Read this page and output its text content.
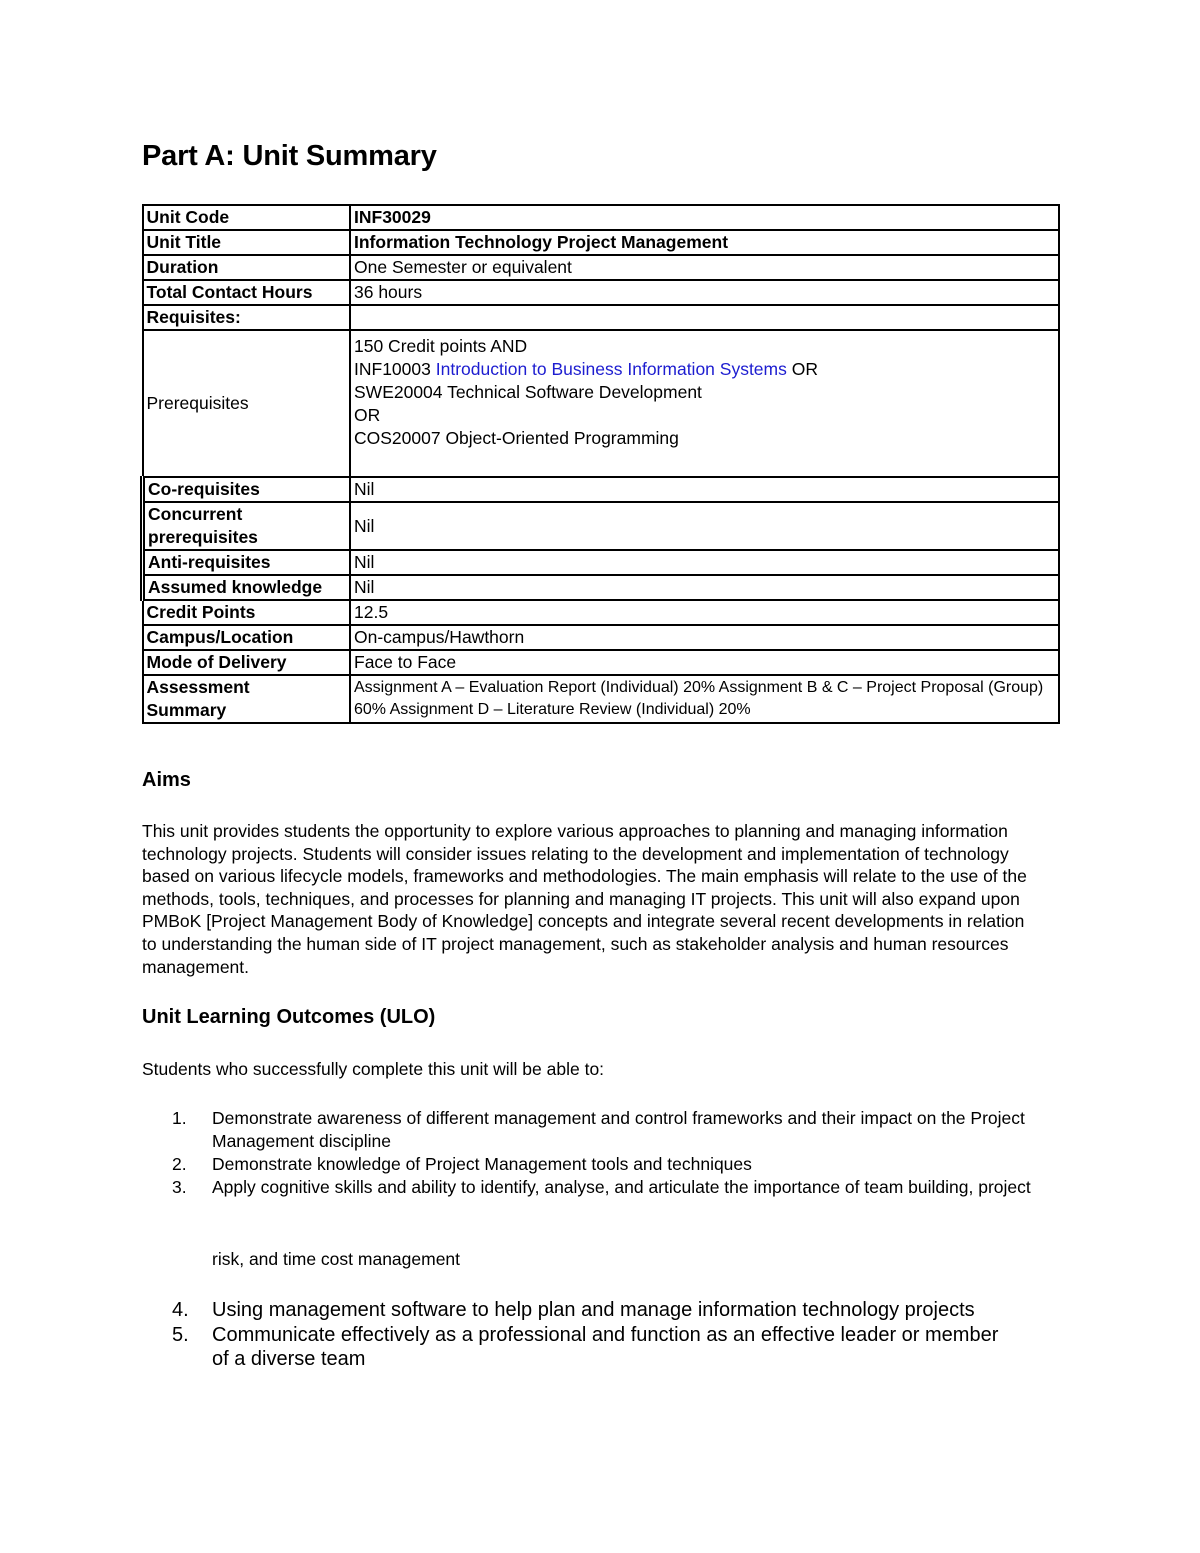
Part A: Unit Summary
Unit Code	INF30029
Unit Title	Information Technology Project Management
Duration	One Semester or equivalent
Total Contact Hours	36 hours
Requisites:	
Prerequisites	150 Credit points AND
INF10003 Introduction to Business Information Systems OR
SWE20004 Technical Software Development
OR
COS20007 Object-Oriented Programming

Co-requisites	Nil

Concurrent
prerequisites	Nil
Anti-requisites	Nil
Assumed knowledge	Nil
Credit Points	12.5
Campus/Location	On-campus/Hawthorn
Mode of Delivery	Face to Face

Assessment
Summary	Assignment A – Evaluation Report (Individual) 20% Assignment B & C – Project Proposal (Group) 60% Assignment D – Literature Review (Individual) 20%
Aims

This unit provides students the opportunity to explore various approaches to planning and managing information technology projects. Students will consider issues relating to the development and implementation of technology based on various lifecycle models, frameworks and methodologies. The main emphasis will relate to the use of the methods, tools, techniques, and processes for planning and managing IT projects. This unit will also expand upon PMBoK [Project Management Body of Knowledge] concepts and integrate several recent developments in relation to understanding the human side of IT project management, such as stakeholder analysis and human resources management.

Unit Learning Outcomes (ULO)

Students who successfully complete this unit will be able to:

1. Demonstrate awareness of different management and control frameworks and their impact on the Project Management discipline
2. Demonstrate knowledge of Project Management tools and techniques
3. Apply cognitive skills and ability to identify, analyse, and articulate the importance of team building, project

risk, and time cost management

4. Using management software to help plan and manage information technology projects
5. Communicate effectively as a professional and function as an effective leader or member of a diverse team
